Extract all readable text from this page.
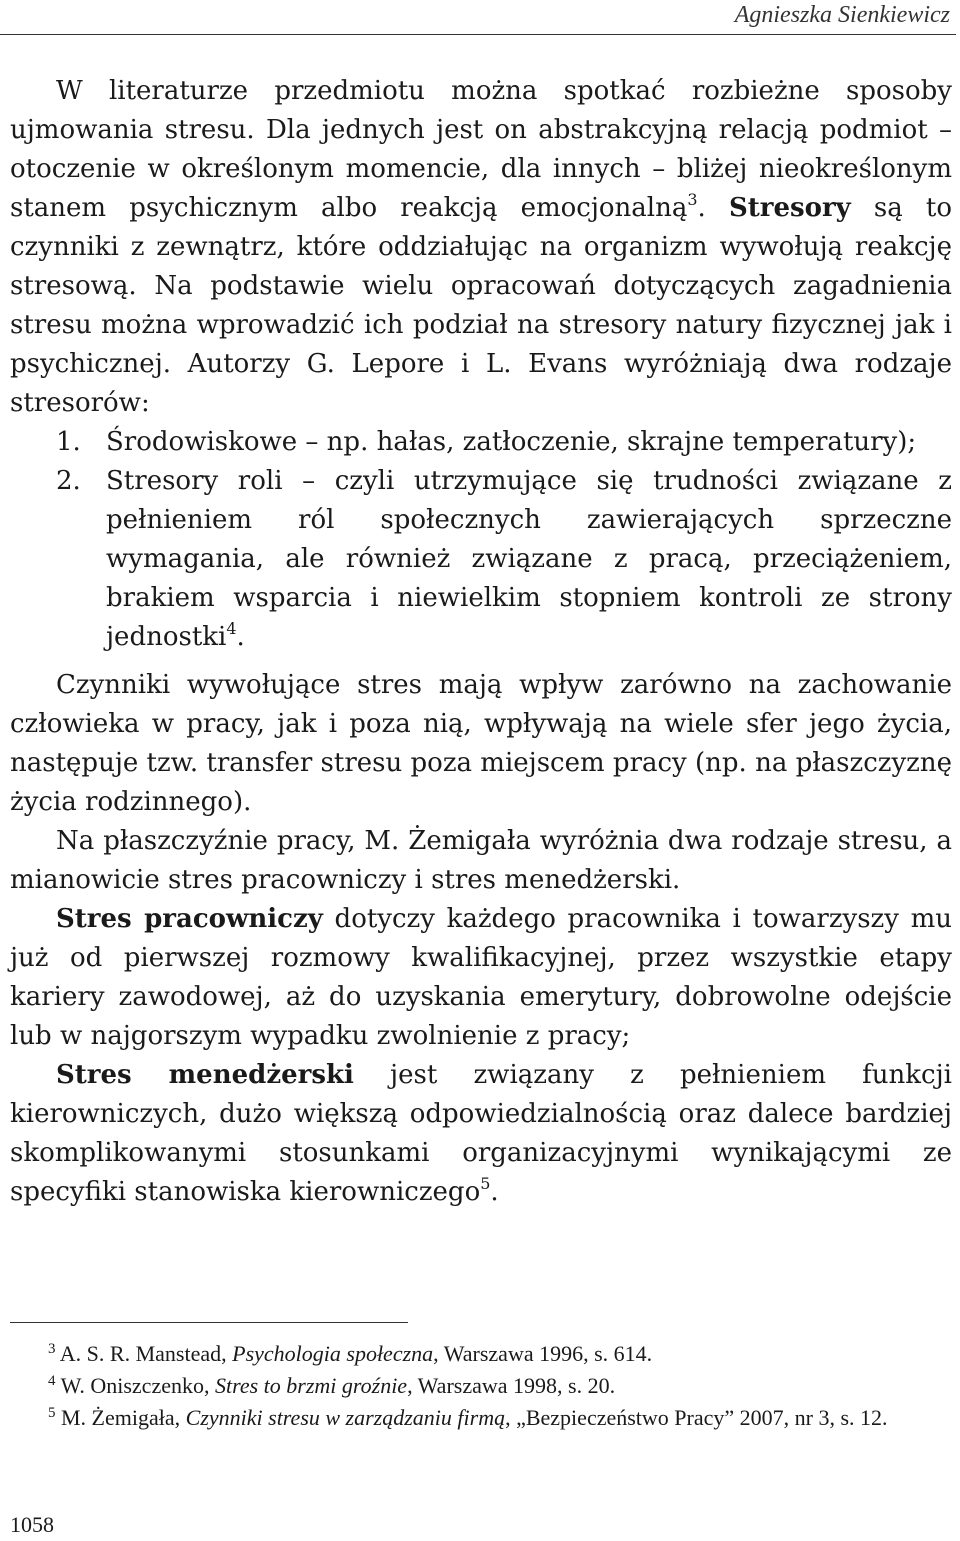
Agnieszka Sienkiewicz

W literaturze przedmiotu można spotkać rozbieżne sposoby ujmowania stresu. Dla jednych jest on abstrakcyjną relacją podmiot – otoczenie w określonym momencie, dla innych – bliżej nieokreślonym stanem psychicznym albo reakcją emocjonalną$^3$. Stresory są to czynniki z zewnątrz, które oddziałując na organizm wywołują reakcję stresową. Na podstawie wielu opracowań dotyczących zagadnienia stresu można wprowadzić ich podział na stresory natury fizycznej jak i psychicznej. Autorzy G. Lepore i L. Evans wyróżniają dwa rodzaje stresorów:

1. Środowiskowe – np. hałas, zatłoczenie, skrajne temperatury);
2. Stresory roli – czyli utrzymujące się trudności związane z pełnieniem ról społecznych zawierających sprzeczne wymagania, ale również związane z pracą, przeciążeniem, brakiem wsparcia i niewielkim stopniem kontroli ze strony jednostki$^4$.

Czynniki wywołujące stres mają wpływ zarówno na zachowanie człowieka w pracy, jak i poza nią, wpływają na wiele sfer jego życia, następuje tzw. transfer stresu poza miejscem pracy (np. na płaszczyznę życia rodzinnego).

Na płaszczyźnie pracy, M. Żemigała wyróżnia dwa rodzaje stresu, a mianowicie stres pracowniczy i stres menedżerski.

Stres pracowniczy dotyczy każdego pracownika i towarzyszy mu już od pierwszej rozmowy kwalifikacyjnej, przez wszystkie etapy kariery zawodowej, aż do uzyskania emerytury, dobrowolne odejście lub w najgorszym wypadku zwolnienie z pracy;

Stres menedżerski jest związany z pełnieniem funkcji kierowniczych, dużo większą odpowiedzialnością oraz dalece bardziej skomplikowanymi stosunkami organizacyjnymi wynikającymi ze specyfiki stanowiska kierowniczego$^5$.

$^3$ A. S. R. Manstead, Psychologia społeczna, Warszawa 1996, s. 614.

$^4$ W. Oniszczenko, Stres to brzmi groźnie, Warszawa 1998, s. 20.

$^5$ M. Żemigała, Czynniki stresu w zarządzaniu firmą, „Bezpieczeństwo Pracy” 2007, nr 3, s. 12.

1058
